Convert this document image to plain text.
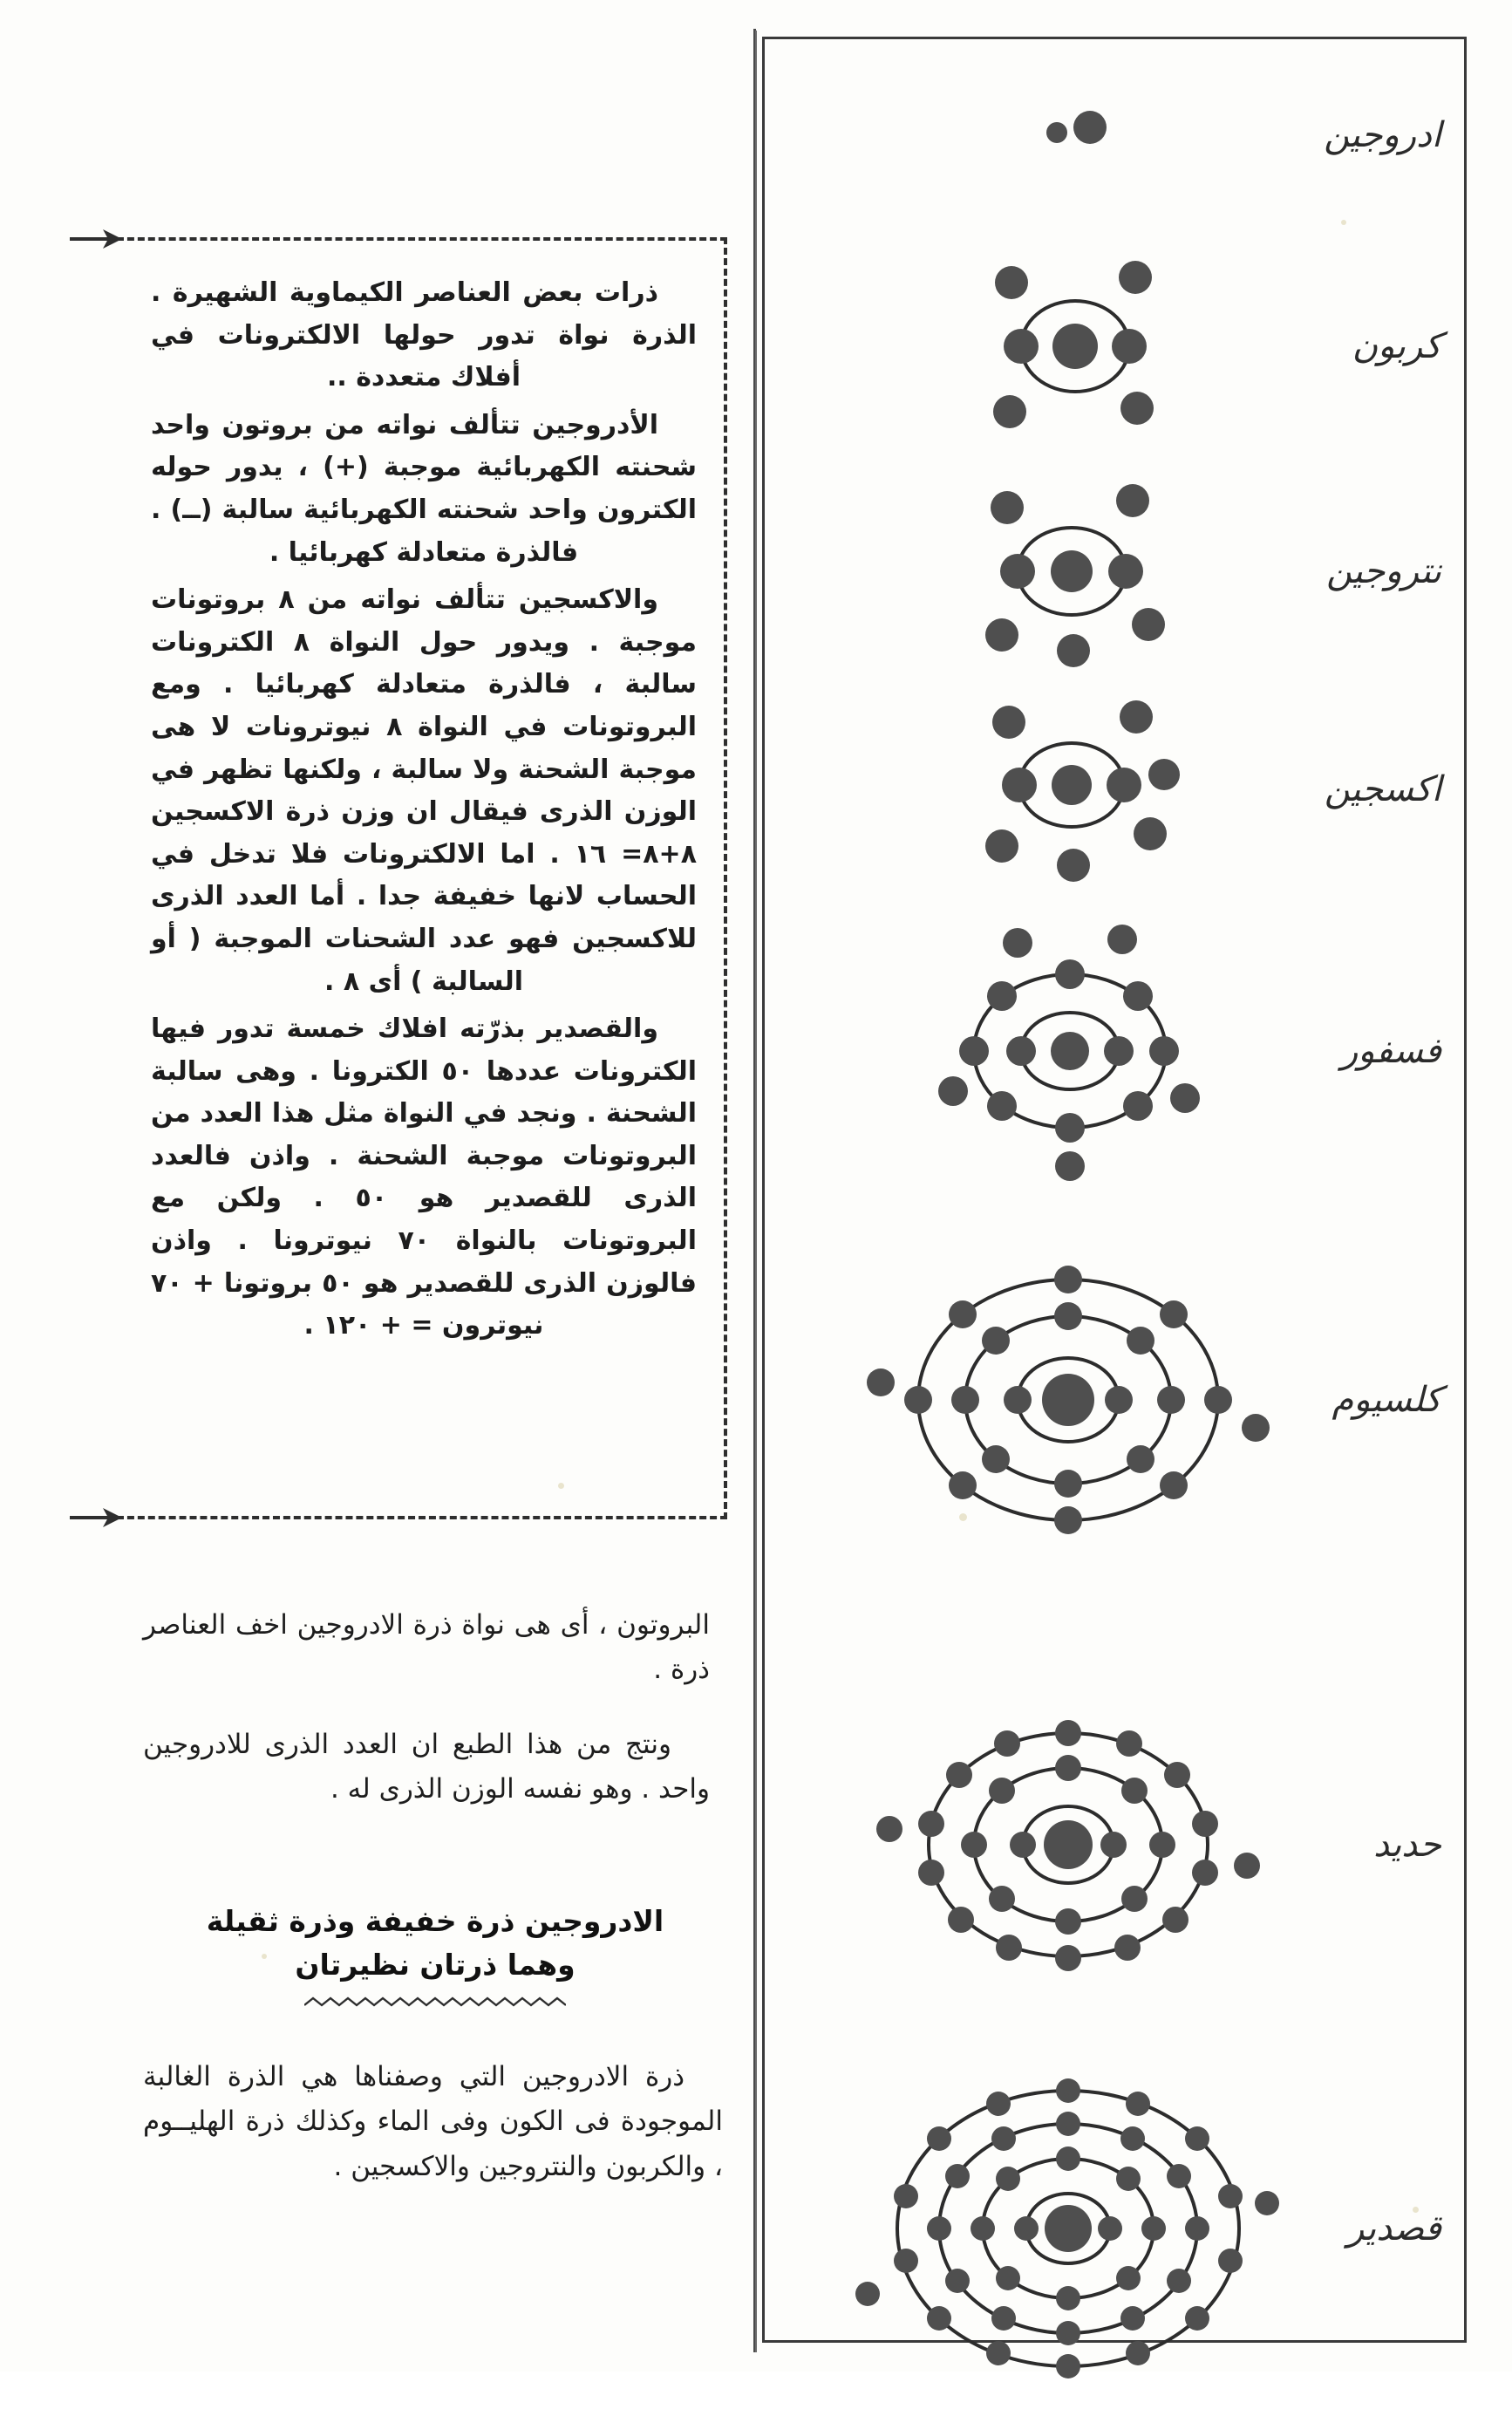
ادروجين
كربون
نتروجين
اكسجين
فسفور
كلسيوم
حديد
قصدير

ذرات بعض العناصر الكيماوية الشهيرة . الذرة نواة تدور حولها الالكترونات في أفلاك متعددة ..

الأدروجين تتألف نواته من بروتون واحد شحنته الكهربائية موجبة (+) ، يدور حوله الكترون واحد شحنته الكهربائية سالبة (ــ) . فالذرة متعادلة كهربائيا .

والاكسجين تتألف نواته من ٨ بروتونات موجبة . ويدور حول النواة ٨ الكترونات سالبة ، فالذرة متعادلة كهربائيا . ومع البروتونات في النواة ٨ نيوترونات لا هى موجبة الشحنة ولا سالبة ، ولكنها تظهر في الوزن الذرى فيقال ان وزن ذرة الاكسجين ٨+٨= ١٦ . اما الالكترونات فلا تدخل في الحساب لانها خفيفة جدا . أما العدد الذرى للاكسجين فهو عدد الشحنات الموجبة ( أو السالبة ) أى ٨ .

والقصدير بذرّته افلاك خمسة تدور فيها الكترونات عددها ٥٠ الكترونا . وهى سالبة الشحنة . ونجد في النواة مثل هذا العدد من البروتونات موجبة الشحنة . واذن فالعدد الذرى للقصدير هو ٥٠ . ولكن مع البروتونات بالنواة ٧٠ نيوترونا . واذن فالوزن الذرى للقصدير هو ٥٠ بروتونا + ٧٠ نيوترون = + ١٢٠ .

البروتون ، أى هى نواة ذرة الادروجين اخف العناصر ذرة .

ونتج من هذا الطبع ان العدد الذرى للادروجين واحد . وهو نفسه الوزن الذرى له .

الادروجين ذرة خفيفة وذرة ثقيلة
وهما ذرتان نظيرتان

ذرة الادروجين التي وصفناها هي الذرة الغالبة الموجودة فى الكون وفى الماء وكذلك ذرة الهليــوم ، والكربون والنتروجين والاكسجين .
